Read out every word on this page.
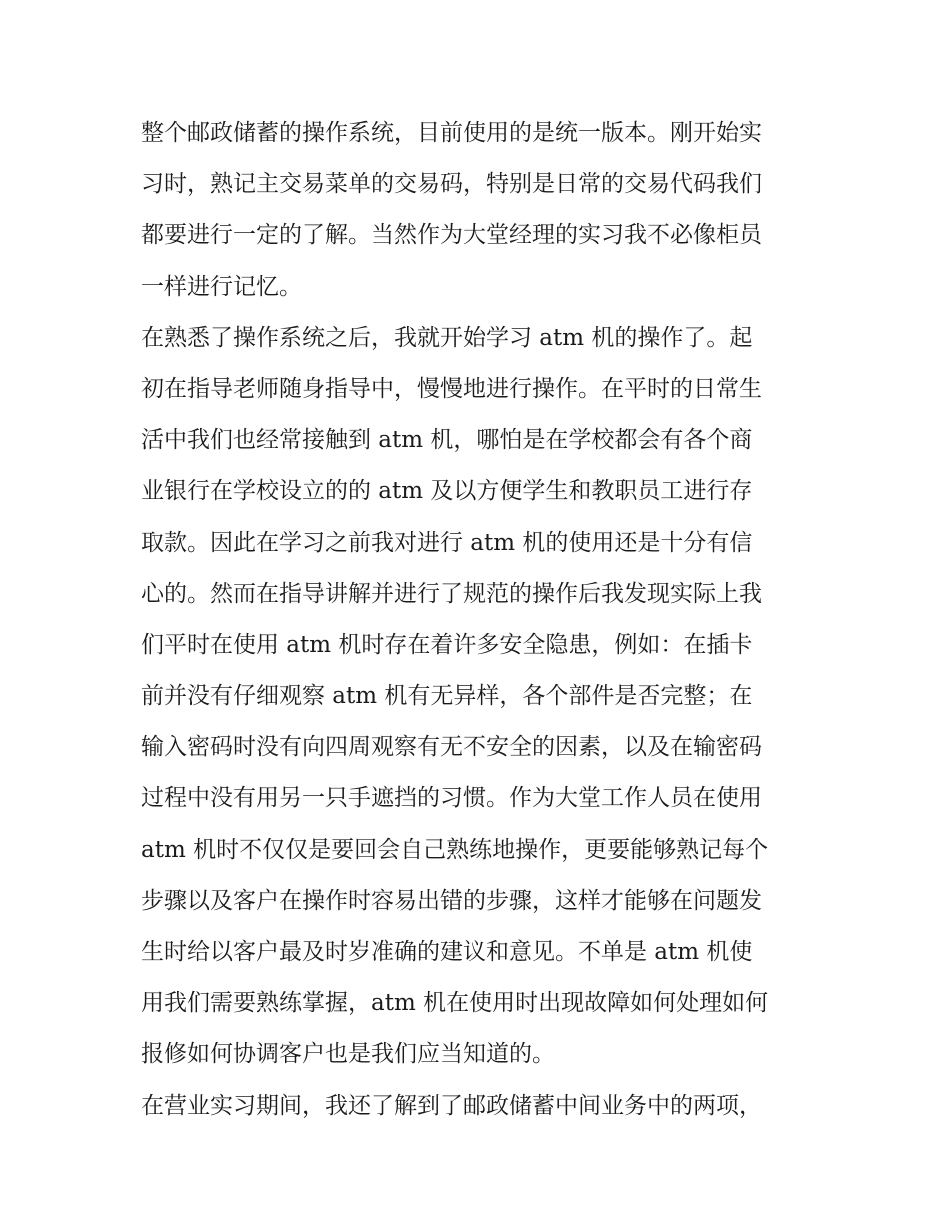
整个邮政储蓄的操作系统，目前使用的是统一版本。刚开始实
习时，熟记主交易菜单的交易码，特别是日常的交易代码我们
都要进行一定的了解。当然作为大堂经理的实习我不必像柜员
一样进行记忆。
在熟悉了操作系统之后，我就开始学习 atm 机的操作了。起
初在指导老师随身指导中，慢慢地进行操作。在平时的日常生
活中我们也经常接触到 atm 机，哪怕是在学校都会有各个商
业银行在学校设立的的 atm 及以方便学生和教职员工进行存
取款。因此在学习之前我对进行 atm 机的使用还是十分有信
心的。然而在指导讲解并进行了规范的操作后我发现实际上我
们平时在使用 atm 机时存在着许多安全隐患，例如：在插卡
前并没有仔细观察 atm 机有无异样，各个部件是否完整；在
输入密码时没有向四周观察有无不安全的因素，以及在输密码
过程中没有用另一只手遮挡的习惯。作为大堂工作人员在使用
atm 机时不仅仅是要回会自己熟练地操作，更要能够熟记每个
步骤以及客户在操作时容易出错的步骤，这样才能够在问题发
生时给以客户最及时岁准确的建议和意见。不单是 atm 机使
用我们需要熟练掌握，atm 机在使用时出现故障如何处理如何
报修如何协调客户也是我们应当知道的。
在营业实习期间，我还了解到了邮政储蓄中间业务中的两项，
